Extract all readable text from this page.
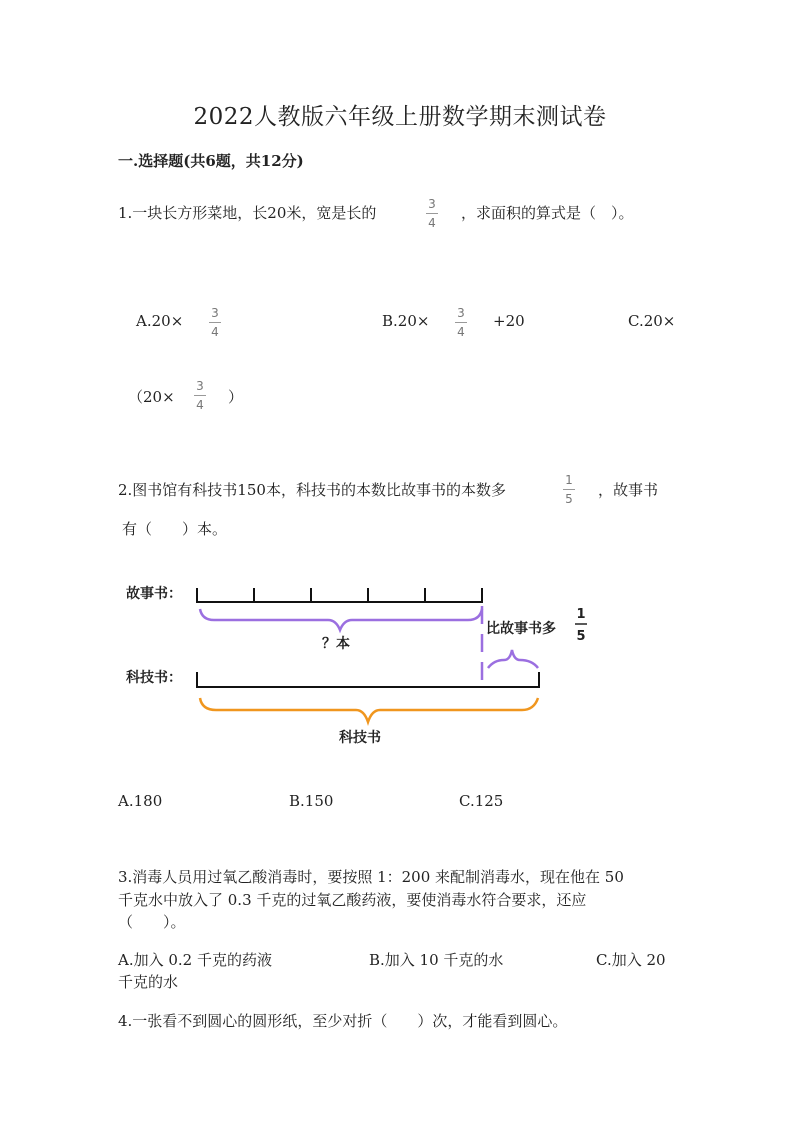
2022人教版六年级上册数学期末测试卷
一.选择题(共6题，共12分)
1.一块长方形菜地，长20米，宽是长的	3
4
，求面积的算式是（　）。
A.20× 3
4
B.20× 3
4
+20	C.20×
（20×
3
4 ）
2.图书馆有科技书150本，科技书的本数比故事书的本数多
1
5 ，故事书
有（　　）本。
故事书：
？本
比故事书多
1
5
科技书：
科技书
A.180	B.150	C.125
3.消毒人员用过氧乙酸消毒时，要按照 1：200 来配制消毒水，现在他在 50
千克水中放入了 0.3 千克的过氧乙酸药液，要使消毒水符合要求，还应
（　　）。
A.加入 0.2 千克的药液	B.加入 10 千克的水	C.加入 20
千克的水
4.一张看不到圆心的圆形纸，至少对折（　　）次，才能看到圆心。
